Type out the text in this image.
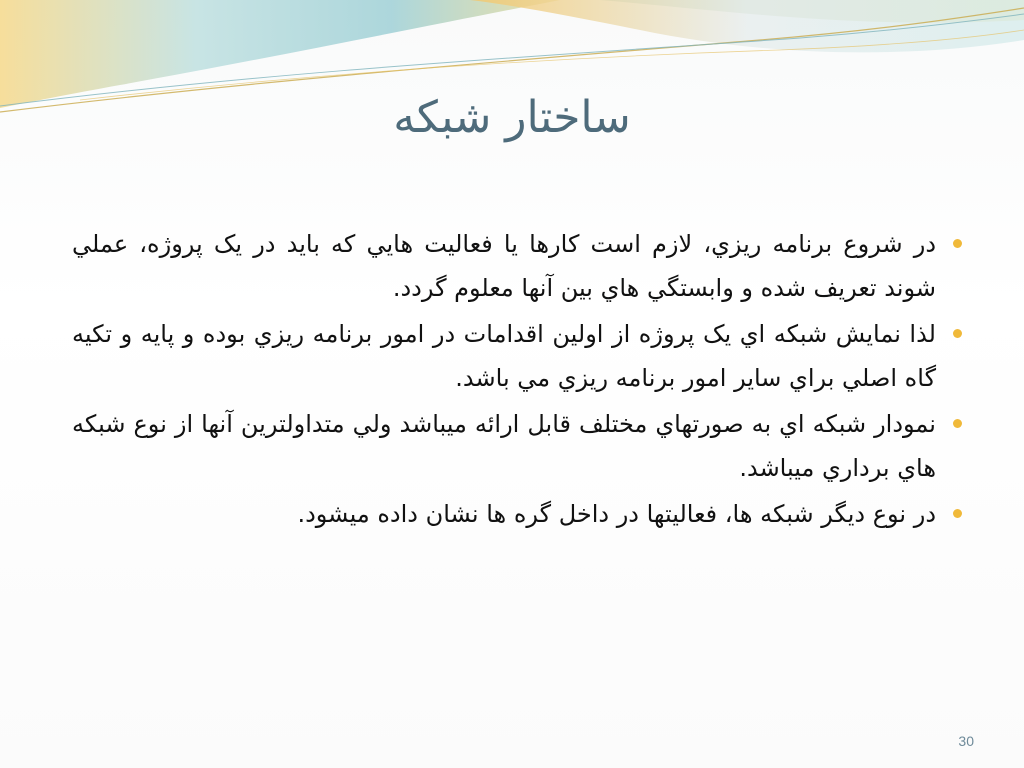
ساختار شبکه
در شروع برنامه ريزي، لازم است کارها يا فعاليت هايي که بايد در يک پروژه، عملي شوند تعريف شده و وابستگي هاي بين آنها معلوم گردد.
لذا نمايش شبکه اي يک پروژه از اولين اقدامات در امور برنامه ريزي بوده و پايه و تکيه گاه اصلي براي ساير امور برنامه ريزي مي باشد.
نمودار شبکه اي به صورتهاي مختلف قابل ارائه ميباشد ولي متداولترين آنها از نوع شبکه هاي برداري ميباشد.
در نوع ديگر شبکه ها، فعاليتها در داخل گره ها نشان داده ميشود.
30
